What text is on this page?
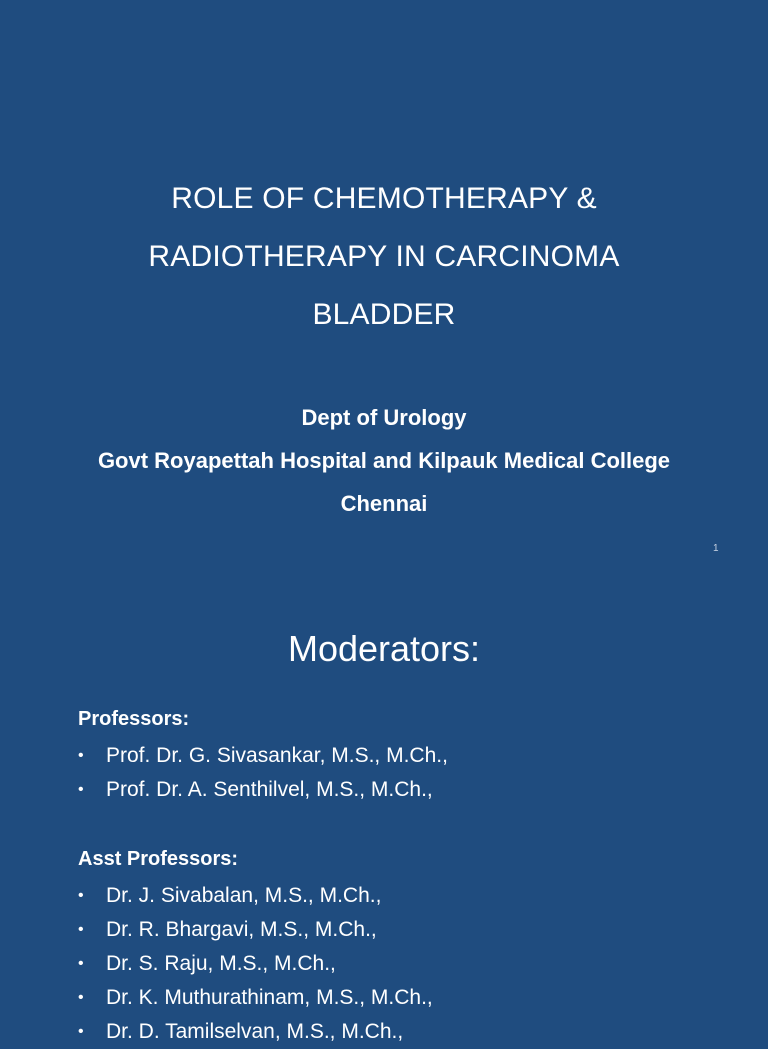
ROLE OF CHEMOTHERAPY &
RADIOTHERAPY IN CARCINOMA
BLADDER
Dept of Urology
Govt Royapettah Hospital and Kilpauk Medical College
Chennai
1
Moderators:
Professors:
• Prof. Dr. G. Sivasankar, M.S., M.Ch.,
• Prof. Dr. A. Senthilvel, M.S., M.Ch.,
Asst Professors:
• Dr. J. Sivabalan, M.S., M.Ch.,
• Dr. R. Bhargavi, M.S., M.Ch.,
• Dr. S. Raju, M.S., M.Ch.,
• Dr. K. Muthurathinam, M.S., M.Ch.,
• Dr. D. Tamilselvan, M.S., M.Ch.,
